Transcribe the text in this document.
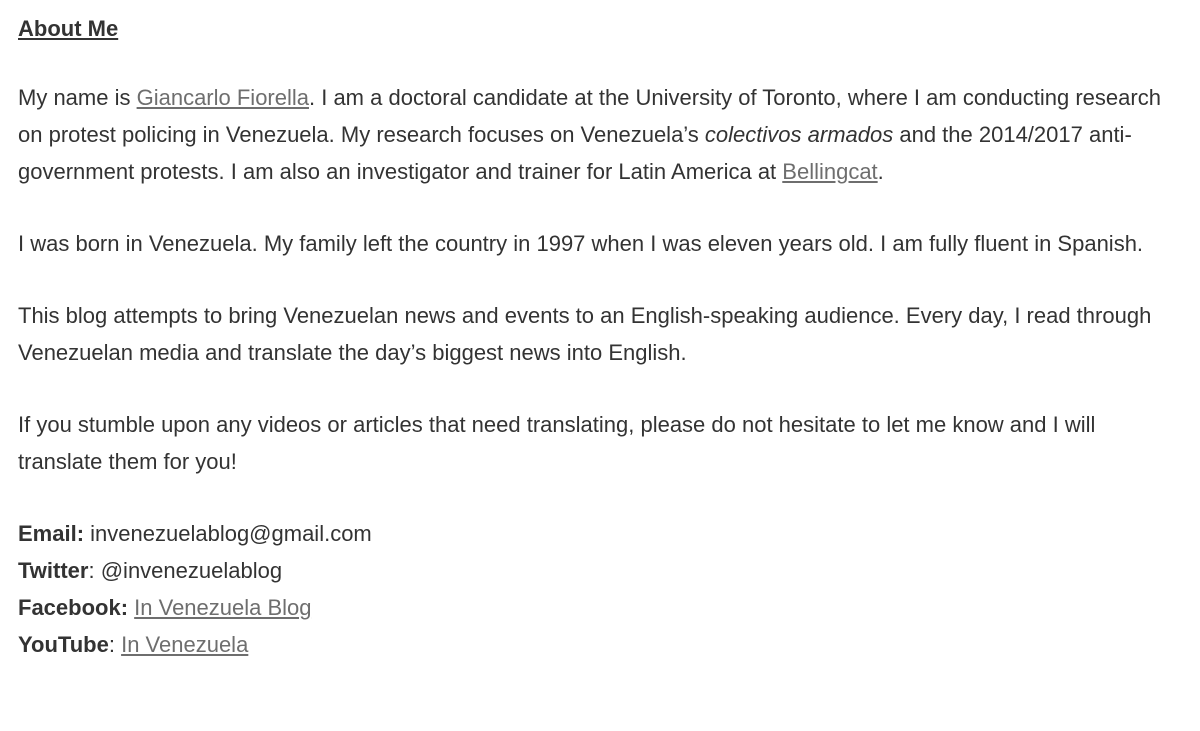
About Me

My name is Giancarlo Fiorella. I am a doctoral candidate at the University of Toronto, where I am conducting research on protest policing in Venezuela. My research focuses on Venezuela’s colectivos armados and the 2014/2017 anti-government protests. I am also an investigator and trainer for Latin America at Bellingcat.

I was born in Venezuela. My family left the country in 1997 when I was eleven years old. I am fully fluent in Spanish.

This blog attempts to bring Venezuelan news and events to an English-speaking audience. Every day, I read through Venezuelan media and translate the day’s biggest news into English.

If you stumble upon any videos or articles that need translating, please do not hesitate to let me know and I will translate them for you!

Email: invenezuelablog@gmail.com
Twitter: @invenezuelablog
Facebook: In Venezuela Blog
YouTube: In Venezuela
